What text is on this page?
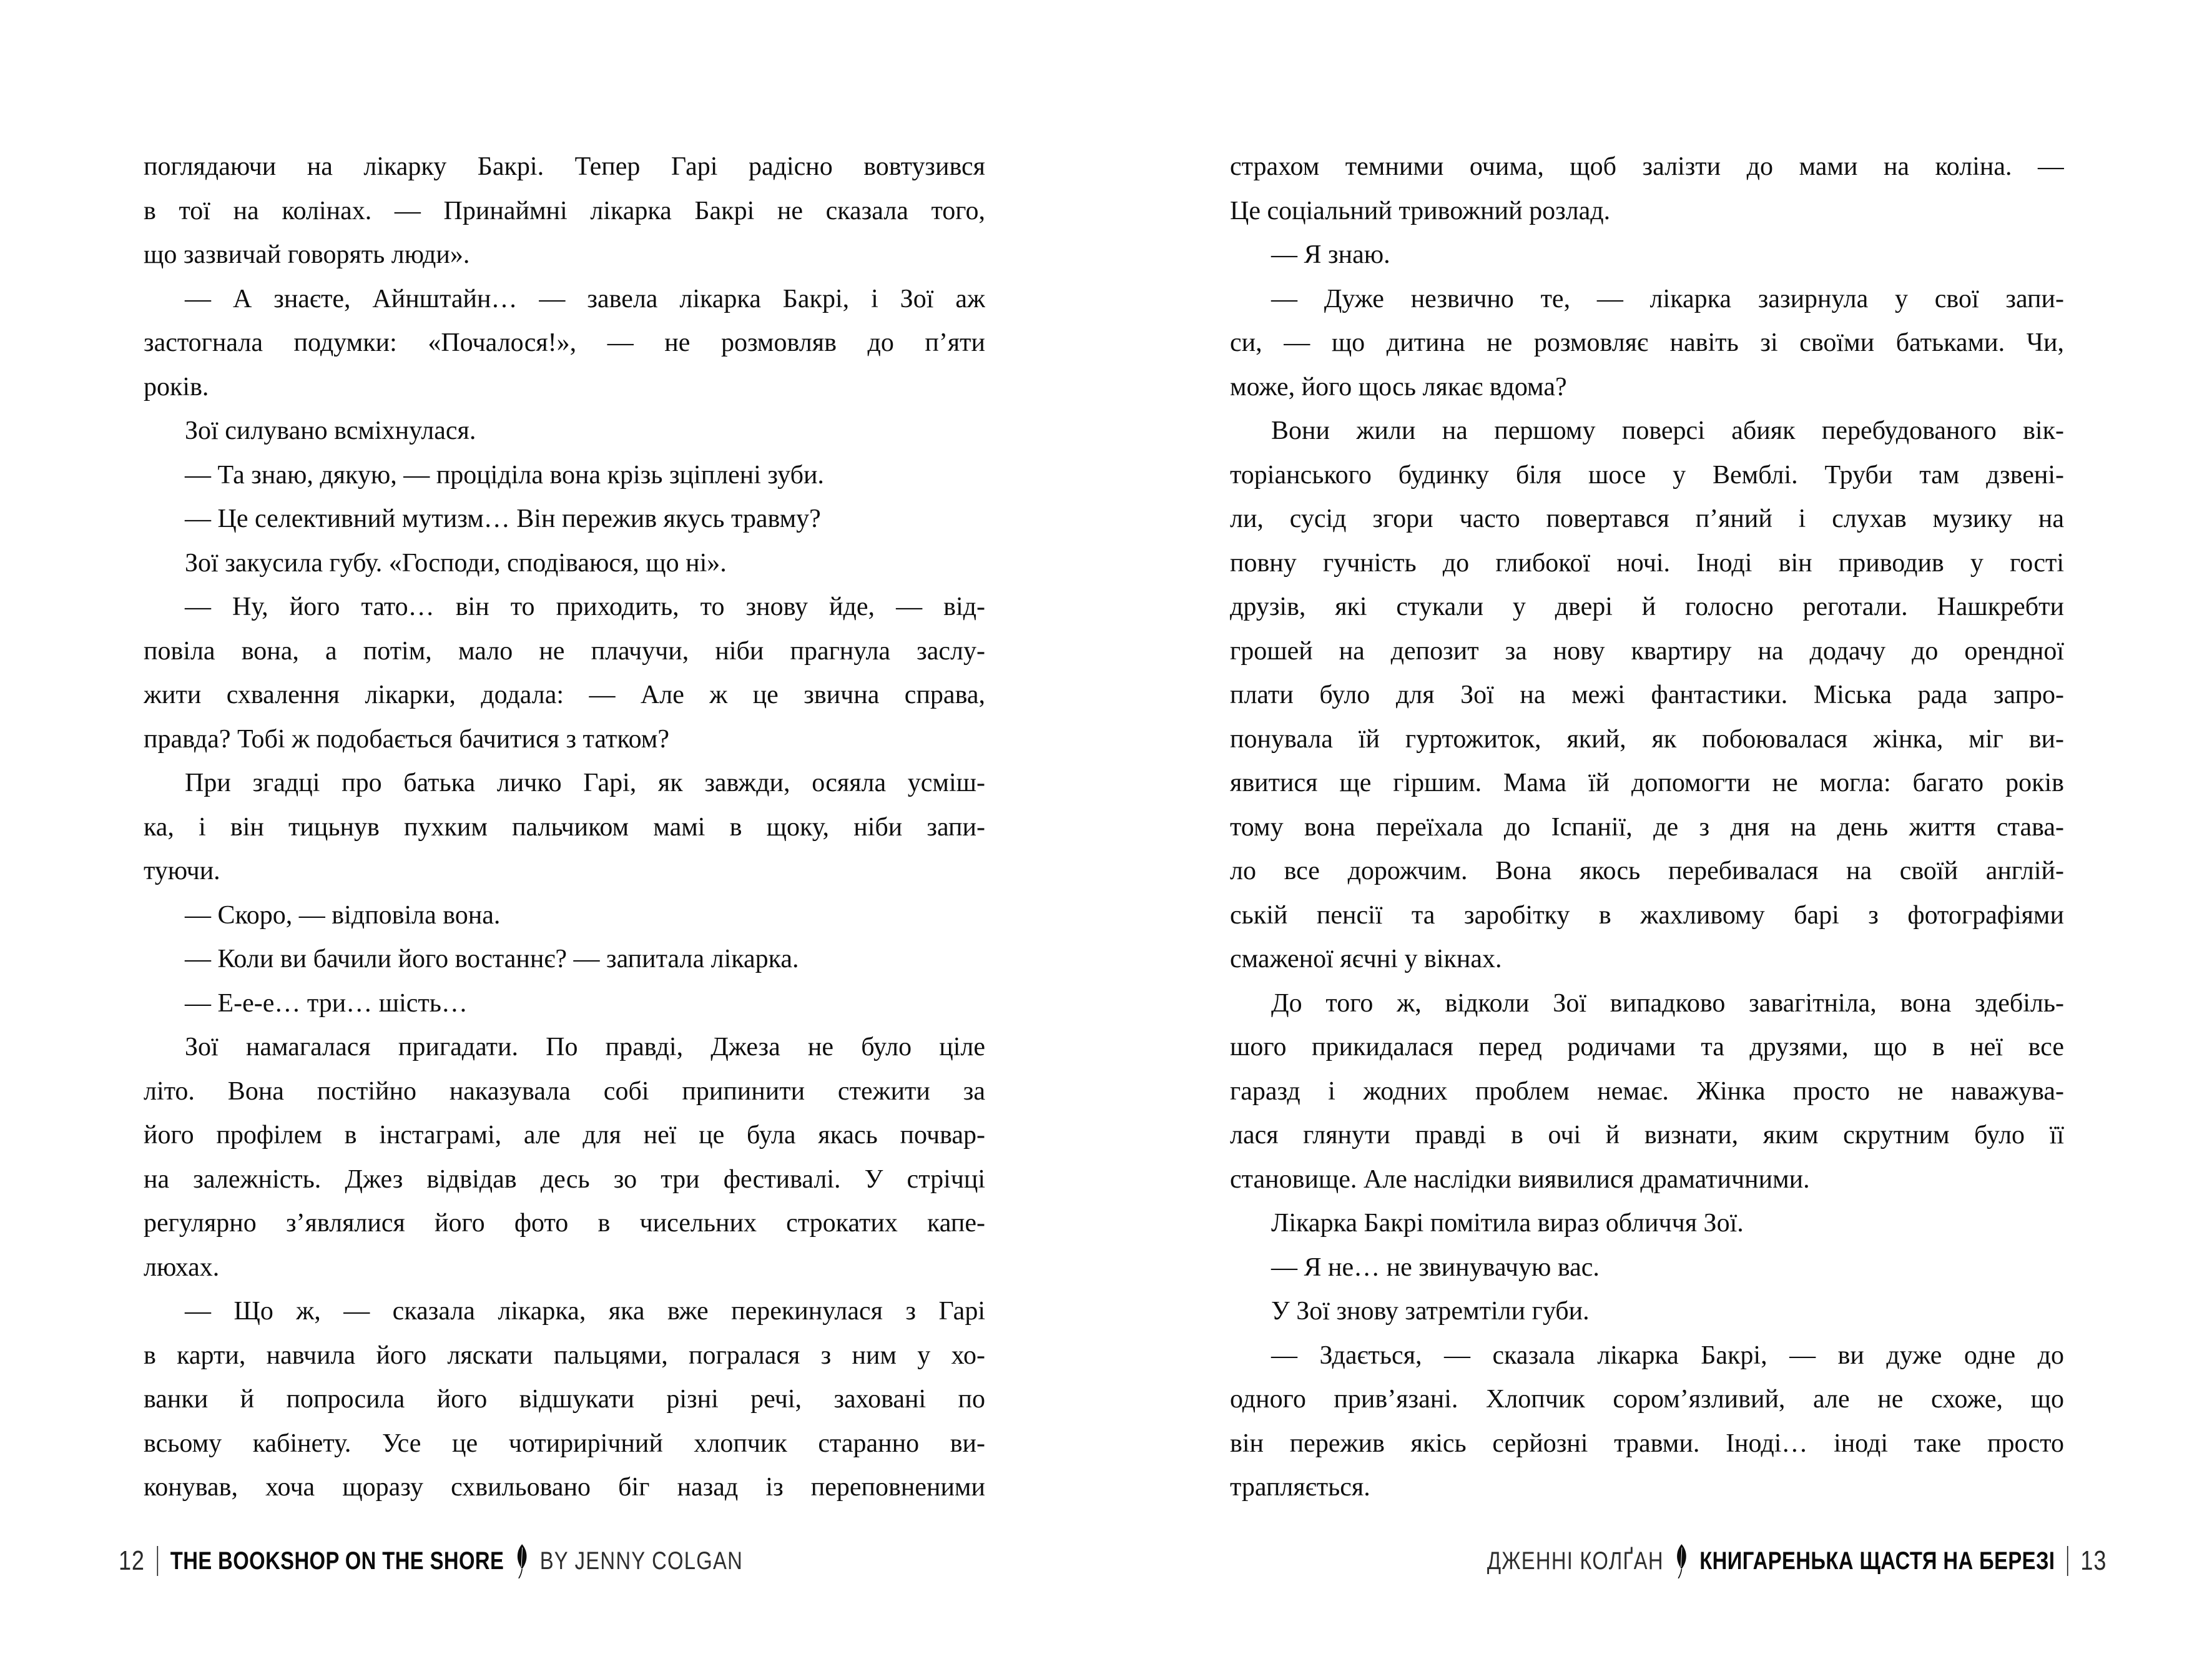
поглядаючи на лікарку Бакрі. Тепер Гарі радісно вовтузився
в тої на колінах. — Принаймні лікарка Бакрі не сказала того,
що зазвичай говорять люди».
— А знаєте, Айнштайн… — завела лікарка Бакрі, і Зої аж
застогнала подумки: «Почалося!», — не розмовляв до п’яти
років.
Зої силувано всміхнулася.
— Та знаю, дякую, — проціділа вона крізь зціплені зуби.
— Це селективний мутизм… Він пережив якусь травму?
Зої закусила губу. «Господи, сподіваюся, що ні».
— Ну, його тато… він то приходить, то знову йде, — від-
повіла вона, а потім, мало не плачучи, ніби прагнула заслу-
жити схвалення лікарки, додала: — Але ж це звична справа,
правда? Тобі ж подобається бачитися з татком?
При згадці про батька личко Гарі, як завжди, осяяла усміш-
ка, і він тицьнув пухким пальчиком мамі в щоку, ніби запи-
туючи.
— Скоро, — відповіла вона.
— Коли ви бачили його востаннє? — запитала лікарка.
— Е-е-е… три… шість…
Зої намагалася пригадати. По правді, Джеза не було ціле
літо. Вона постійно наказувала собі припинити стежити за
його профілем в інстаграмі, але для неї це була якась почвар-
на залежність. Джез відвідав десь зо три фестивалі. У стрічці
регулярно з’являлися його фото в чисельних строкатих капе-
люхах.
— Що ж, — сказала лікарка, яка вже перекинулася з Гарі
в карти, навчила його ляскати пальцями, погралася з ним у хо-
ванки й попросила його відшукати різні речі, заховані по
всьому кабінету. Усе це чотирирічний хлопчик старанно ви-
конував, хоча щоразу схвильовано біг назад із переповненими
12 THE BOOKSHOP ON THE SHORE BY JENNY COLGAN
страхом темними очима, щоб залізти до мами на коліна. —
Це соціальний тривожний розлад.
— Я знаю.
— Дуже незвично те, — лікарка зазирнула у свої запи-
си, — що дитина не розмовляє навіть зі своїми батьками. Чи,
може, його щось лякає вдома?
Вони жили на першому поверсі абияк перебудованого вік-
торіанського будинку біля шосе у Вемблі. Труби там дзвені-
ли, сусід згори часто повертався п’яний і слухав музику на
повну гучність до глибокої ночі. Іноді він приводив у гості
друзів, які стукали у двері й голосно реготали. Нашкребти
грошей на депозит за нову квартиру на додачу до орендної
плати було для Зої на межі фантастики. Міська рада запро-
понувала їй гуртожиток, який, як побоювалася жінка, міг ви-
явитися ще гіршим. Мама їй допомогти не могла: багато років
тому вона переїхала до Іспанії, де з дня на день життя става-
ло все дорожчим. Вона якось перебивалася на своїй англій-
ській пенсії та заробітку в жахливому барі з фотографіями
смаженої яєчні у вікнах.
До того ж, відколи Зої випадково завагітніла, вона здебіль-
шого прикидалася перед родичами та друзями, що в неї все
гаразд і жодних проблем немає. Жінка просто не наважува-
лася глянути правді в очі й визнати, яким скрутним було її
становище. Але наслідки виявилися драматичними.
Лікарка Бакрі помітила вираз обличчя Зої.
— Я не… не звинувачую вас.
У Зої знову затремтіли губи.
— Здається, — сказала лікарка Бакрі, — ви дуже одне до
одного прив’язані. Хлопчик сором’язливий, але не схоже, що
він пережив якісь серйозні травми. Іноді… іноді таке просто
трапляється.
ДЖЕННІ КОЛҐАН КНИГАРЕНЬКА ЩАСТЯ НА БЕРЕЗІ 13
